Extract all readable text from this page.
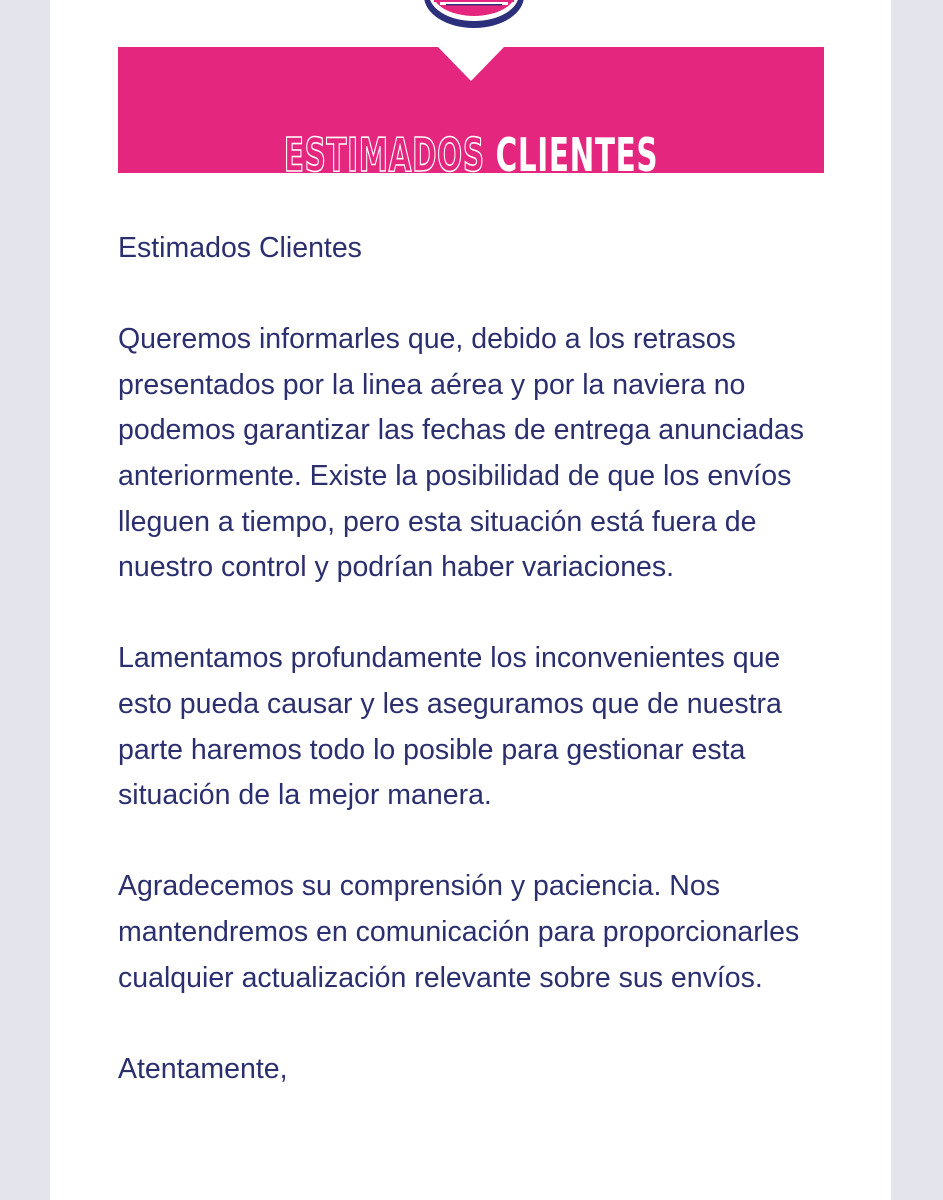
ESTIMADOS CLIENTES

Estimados Clientes

Queremos informarles que, debido a los retrasos presentados por la linea aérea y por la naviera no podemos garantizar las fechas de entrega anunciadas anteriormente. Existe la posibilidad de que los envíos lleguen a tiempo, pero esta situación está fuera de nuestro control y podrían haber variaciones.

Lamentamos profundamente los inconvenientes que esto pueda causar y les aseguramos que de nuestra parte haremos todo lo posible para gestionar esta situación de la mejor manera.

Agradecemos su comprensión y paciencia. Nos mantendremos en comunicación para proporcionarles cualquier actualización relevante sobre sus envíos.

Atentamente,
